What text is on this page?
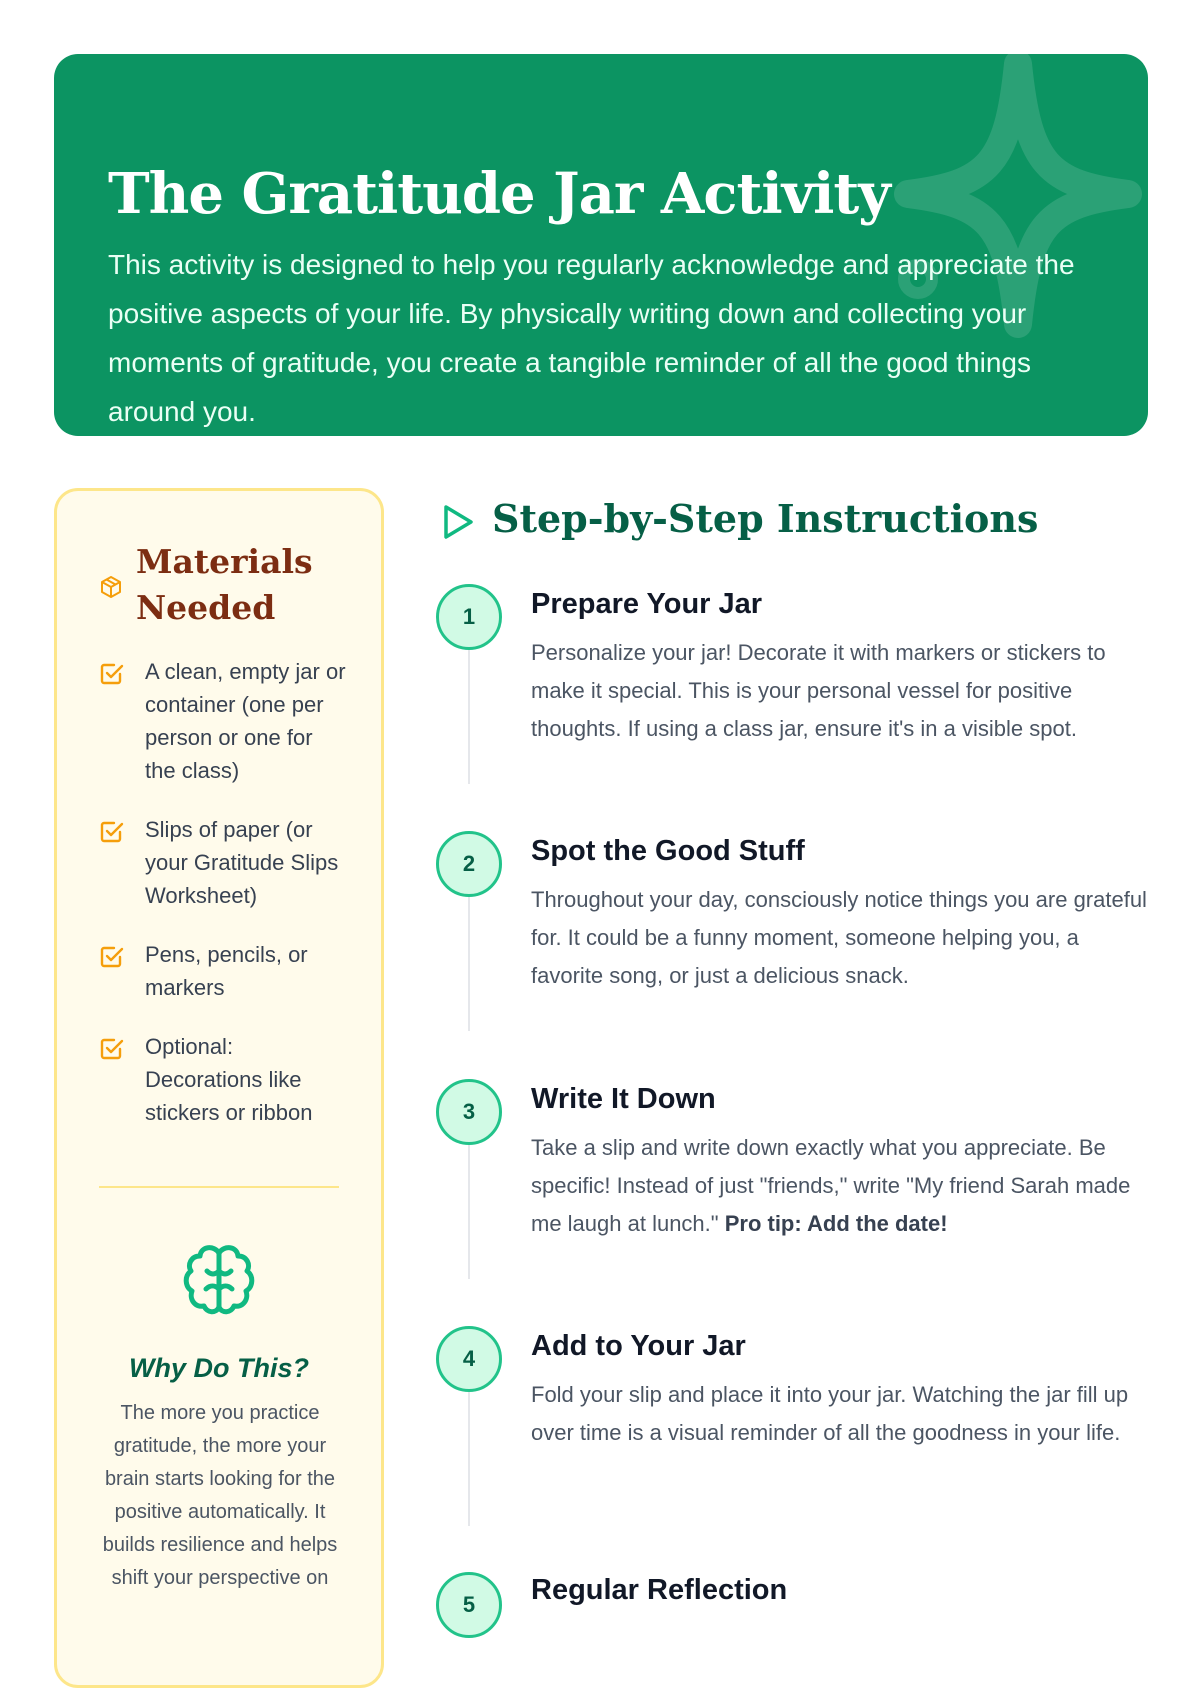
The Gratitude Jar Activity

This activity is designed to help you regularly acknowledge and appreciate the positive aspects of your life. By physically writing down and collecting your moments of gratitude, you create a tangible reminder of all the good things around you.

Materials Needed
A clean, empty jar or container (one per person or one for the class)
Slips of paper (or your Gratitude Slips Worksheet)
Pens, pencils, or markers
Optional: Decorations like stickers or ribbon
Why Do This?

The more you practice gratitude, the more your brain starts looking for the positive automatically. It builds resilience and helps shift your perspective on

Step-by-Step Instructions
1	Prepare Your Jar

Personalize your jar! Decorate it with markers or stickers to make it special. This is your personal vessel for positive thoughts. If using a class jar, ensure it's in a visible spot.

2	Spot the Good Stuff

Throughout your day, consciously notice things you are grateful for. It could be a funny moment, someone helping you, a favorite song, or just a delicious snack.

3	Write It Down

Take a slip and write down exactly what you appreciate. Be specific! Instead of just "friends," write "My friend Sarah made me laugh at lunch." Pro tip: Add the date!

4	Add to Your Jar

Fold your slip and place it into your jar. Watching the jar fill up over time is a visual reminder of all the goodness in your life.

5	Regular Reflection
